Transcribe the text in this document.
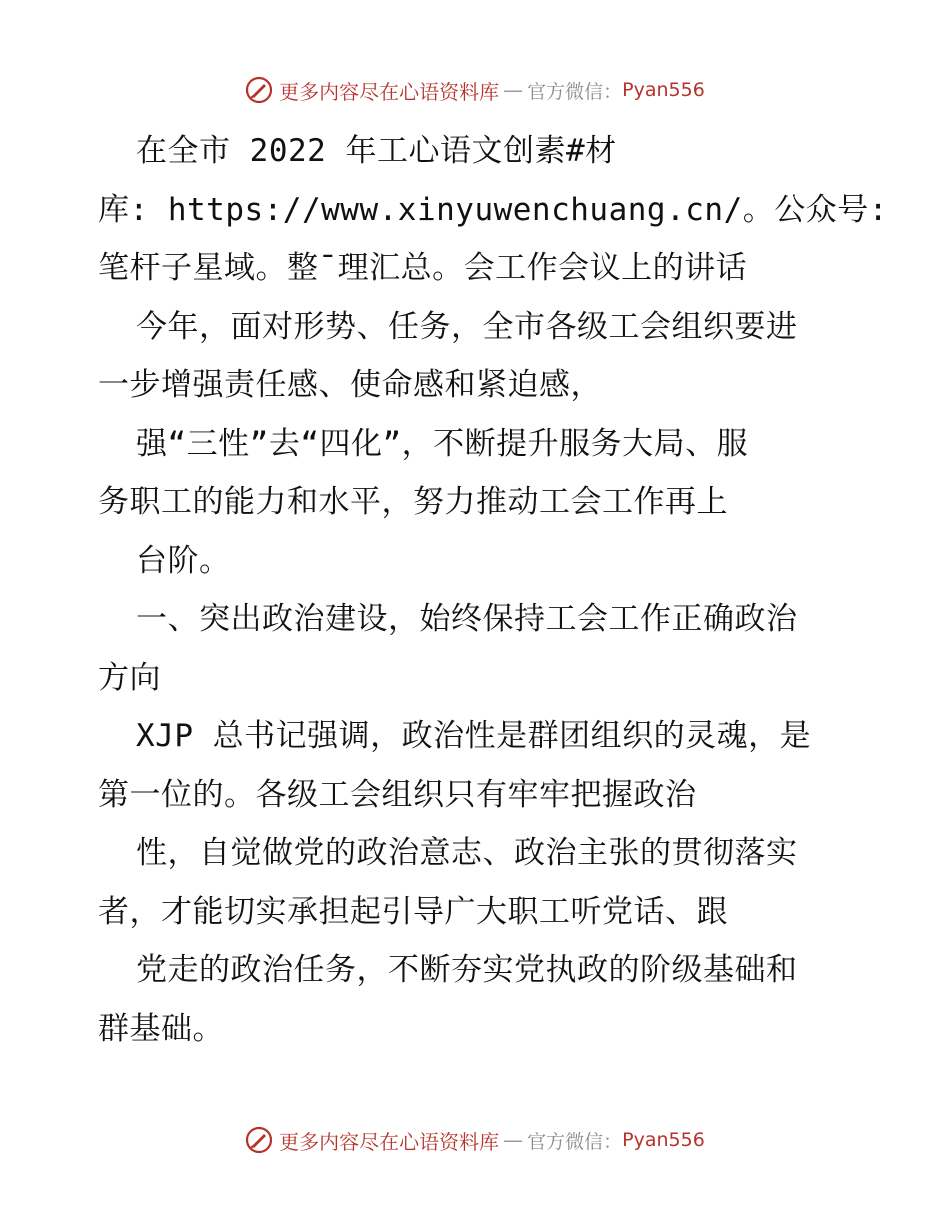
更多内容尽在心语资料库 — 官方微信： Pyan556
在全市 2022 年工心语文创素#材
库: https://www.xinyuwenchuang.cn/。公众号:
笔杆子星域。整¯理汇总。会工作会议上的讲话
今年，面对形势、任务，全市各级工会组织要进
一步增强责任感、使命感和紧迫感，
强“三性”去“四化”，不断提升服务大局、服
务职工的能力和水平，努力推动工会工作再上
台阶。
一、突出政治建设，始终保持工会工作正确政治
方向
XJP 总书记强调，政治性是群团组织的灵魂，是
第一位的。各级工会组织只有牢牢把握政治
性，自觉做党的政治意志、政治主张的贯彻落实
者，才能切实承担起引导广大职工听党话、跟
党走的政治任务，不断夯实党执政的阶级基础和
群基础。
更多内容尽在心语资料库 — 官方微信： Pyan556
